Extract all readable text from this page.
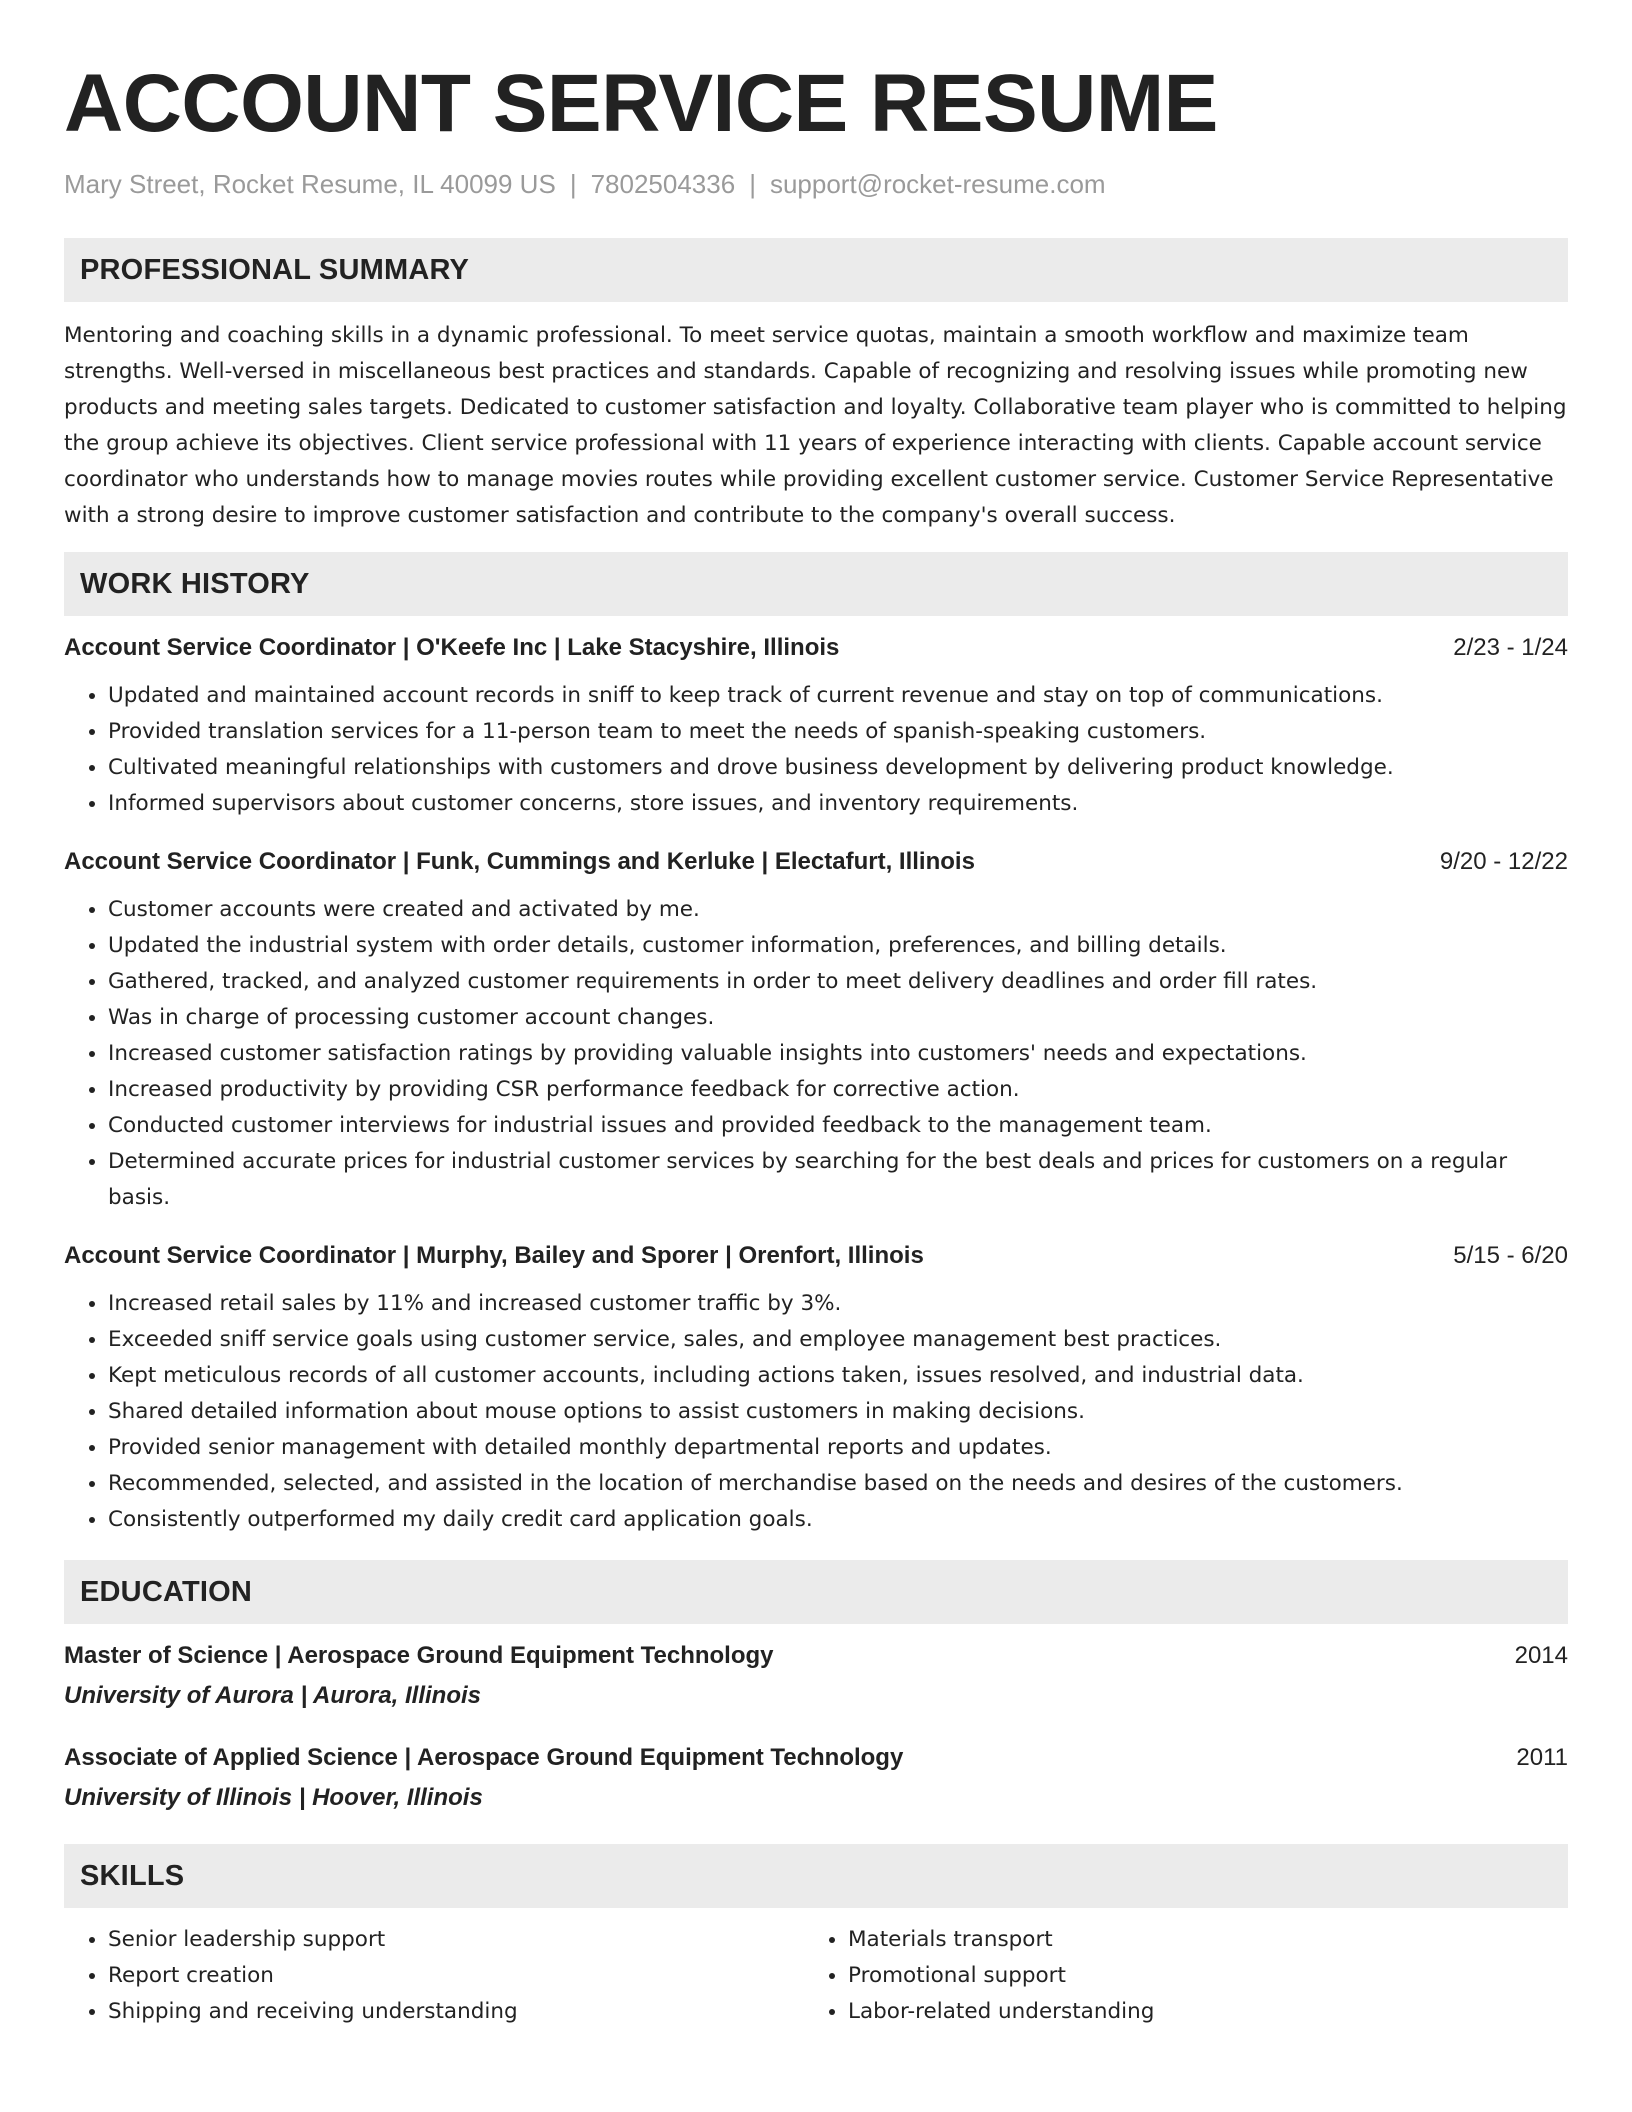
ACCOUNT SERVICE RESUME
Mary Street, Rocket Resume, IL 40099 US | 7802504336 | support@rocket-resume.com
PROFESSIONAL SUMMARY

Mentoring and coaching skills in a dynamic professional. To meet service quotas, maintain a smooth workflow and maximize team strengths. Well-versed in miscellaneous best practices and standards. Capable of recognizing and resolving issues while promoting new products and meeting sales targets. Dedicated to customer satisfaction and loyalty. Collaborative team player who is committed to helping the group achieve its objectives. Client service professional with 11 years of experience interacting with clients. Capable account service coordinator who understands how to manage movies routes while providing excellent customer service. Customer Service Representative with a strong desire to improve customer satisfaction and contribute to the company's overall success.

WORK HISTORY
Account Service Coordinator | O'Keefe Inc | Lake Stacyshire, Illinois	2/23 - 1/24
• Updated and maintained account records in sniff to keep track of current revenue and stay on top of communications.
• Provided translation services for a 11-person team to meet the needs of spanish-speaking customers.
• Cultivated meaningful relationships with customers and drove business development by delivering product knowledge.
• Informed supervisors about customer concerns, store issues, and inventory requirements.
Account Service Coordinator | Funk, Cummings and Kerluke | Electafurt, Illinois	9/20 - 12/22
• Customer accounts were created and activated by me.
• Updated the industrial system with order details, customer information, preferences, and billing details.
• Gathered, tracked, and analyzed customer requirements in order to meet delivery deadlines and order fill rates.
• Was in charge of processing customer account changes.
• Increased customer satisfaction ratings by providing valuable insights into customers' needs and expectations.
• Increased productivity by providing CSR performance feedback for corrective action.
• Conducted customer interviews for industrial issues and provided feedback to the management team.
• Determined accurate prices for industrial customer services by searching for the best deals and prices for customers on a regular basis.
Account Service Coordinator | Murphy, Bailey and Sporer | Orenfort, Illinois	5/15 - 6/20
• Increased retail sales by 11% and increased customer traffic by 3%.
• Exceeded sniff service goals using customer service, sales, and employee management best practices.
• Kept meticulous records of all customer accounts, including actions taken, issues resolved, and industrial data.
• Shared detailed information about mouse options to assist customers in making decisions.
• Provided senior management with detailed monthly departmental reports and updates.
• Recommended, selected, and assisted in the location of merchandise based on the needs and desires of the customers.
• Consistently outperformed my daily credit card application goals.
EDUCATION
Master of Science | Aerospace Ground Equipment Technology	2014
University of Aurora | Aurora, Illinois
Associate of Applied Science | Aerospace Ground Equipment Technology	2011
University of Illinois | Hoover, Illinois
SKILLS
• Senior leadership support
• Report creation
• Shipping and receiving understanding
• Materials transport
• Promotional support
• Labor-related understanding
